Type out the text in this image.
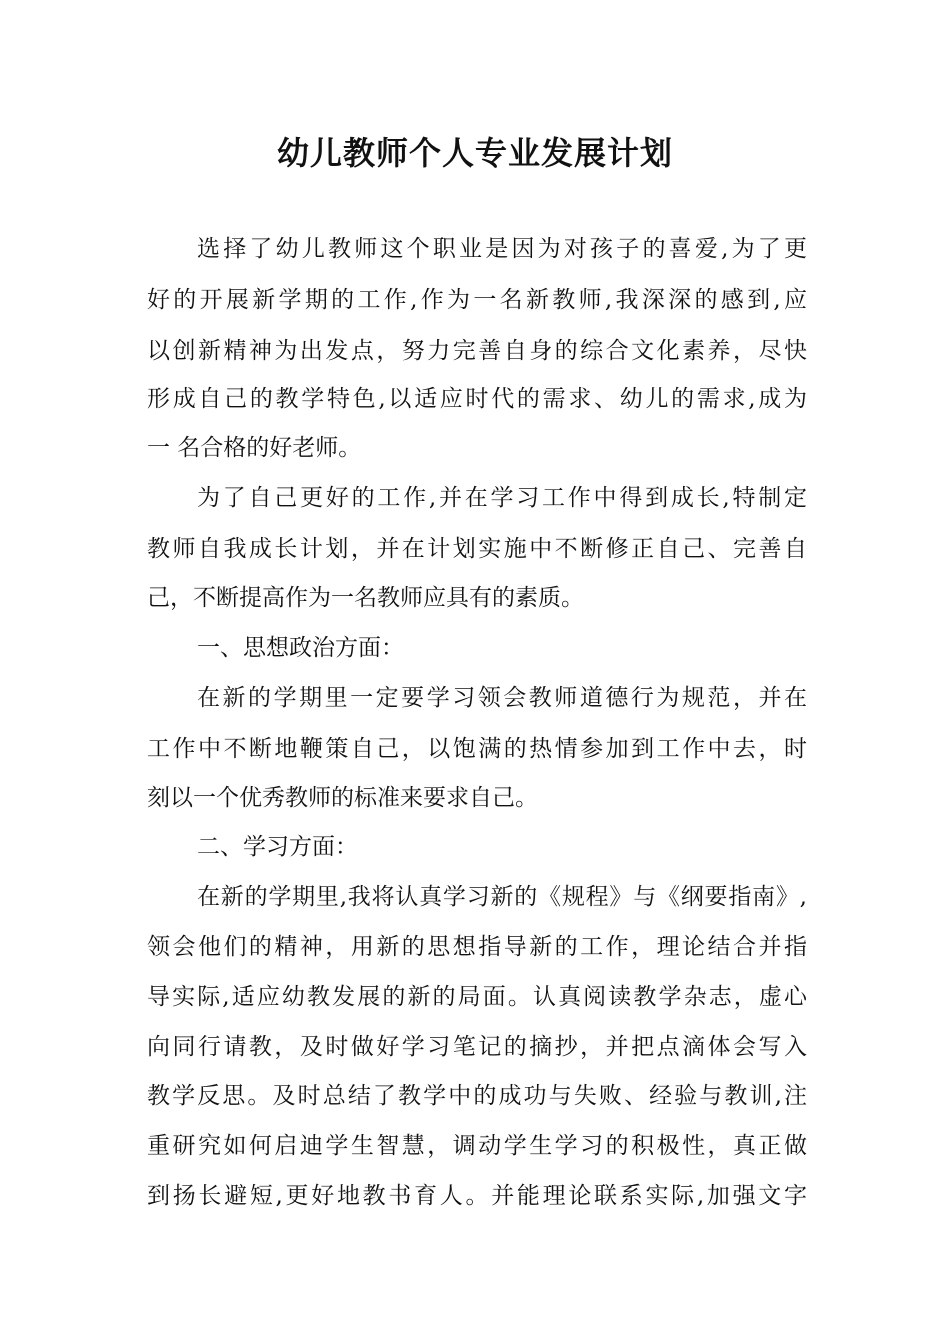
幼儿教师个人专业发展计划
选择了幼儿教师这个职业是因为对孩子的喜爱,为了更
好的开展新学期的工作,作为一名新教师,我深深的感到,应
以创新精神为出发点，努力完善自身的综合文化素养，尽快
形成自己的教学特色,以适应时代的需求、幼儿的需求,成为
一 名合格的好老师。
为了自己更好的工作,并在学习工作中得到成长,特制定
教师自我成长计划，并在计划实施中不断修正自己、完善自
己，不断提高作为一名教师应具有的素质。
一、思想政治方面：
在新的学期里一定要学习领会教师道德行为规范，并在
工作中不断地鞭策自己，以饱满的热情参加到工作中去，时
刻以一个优秀教师的标准来要求自己。
二、学习方面：
在新的学期里,我将认真学习新的《规程》与《纲要指南》,
领会他们的精神，用新的思想指导新的工作，理论结合并指
导实际,适应幼教发展的新的局面。认真阅读教学杂志，虚心
向同行请教，及时做好学习笔记的摘抄，并把点滴体会写入
教学反思。及时总结了教学中的成功与失败、经验与教训,注
重研究如何启迪学生智慧，调动学生学习的积极性，真正做
到扬长避短,更好地教书育人。并能理论联系实际,加强文字
